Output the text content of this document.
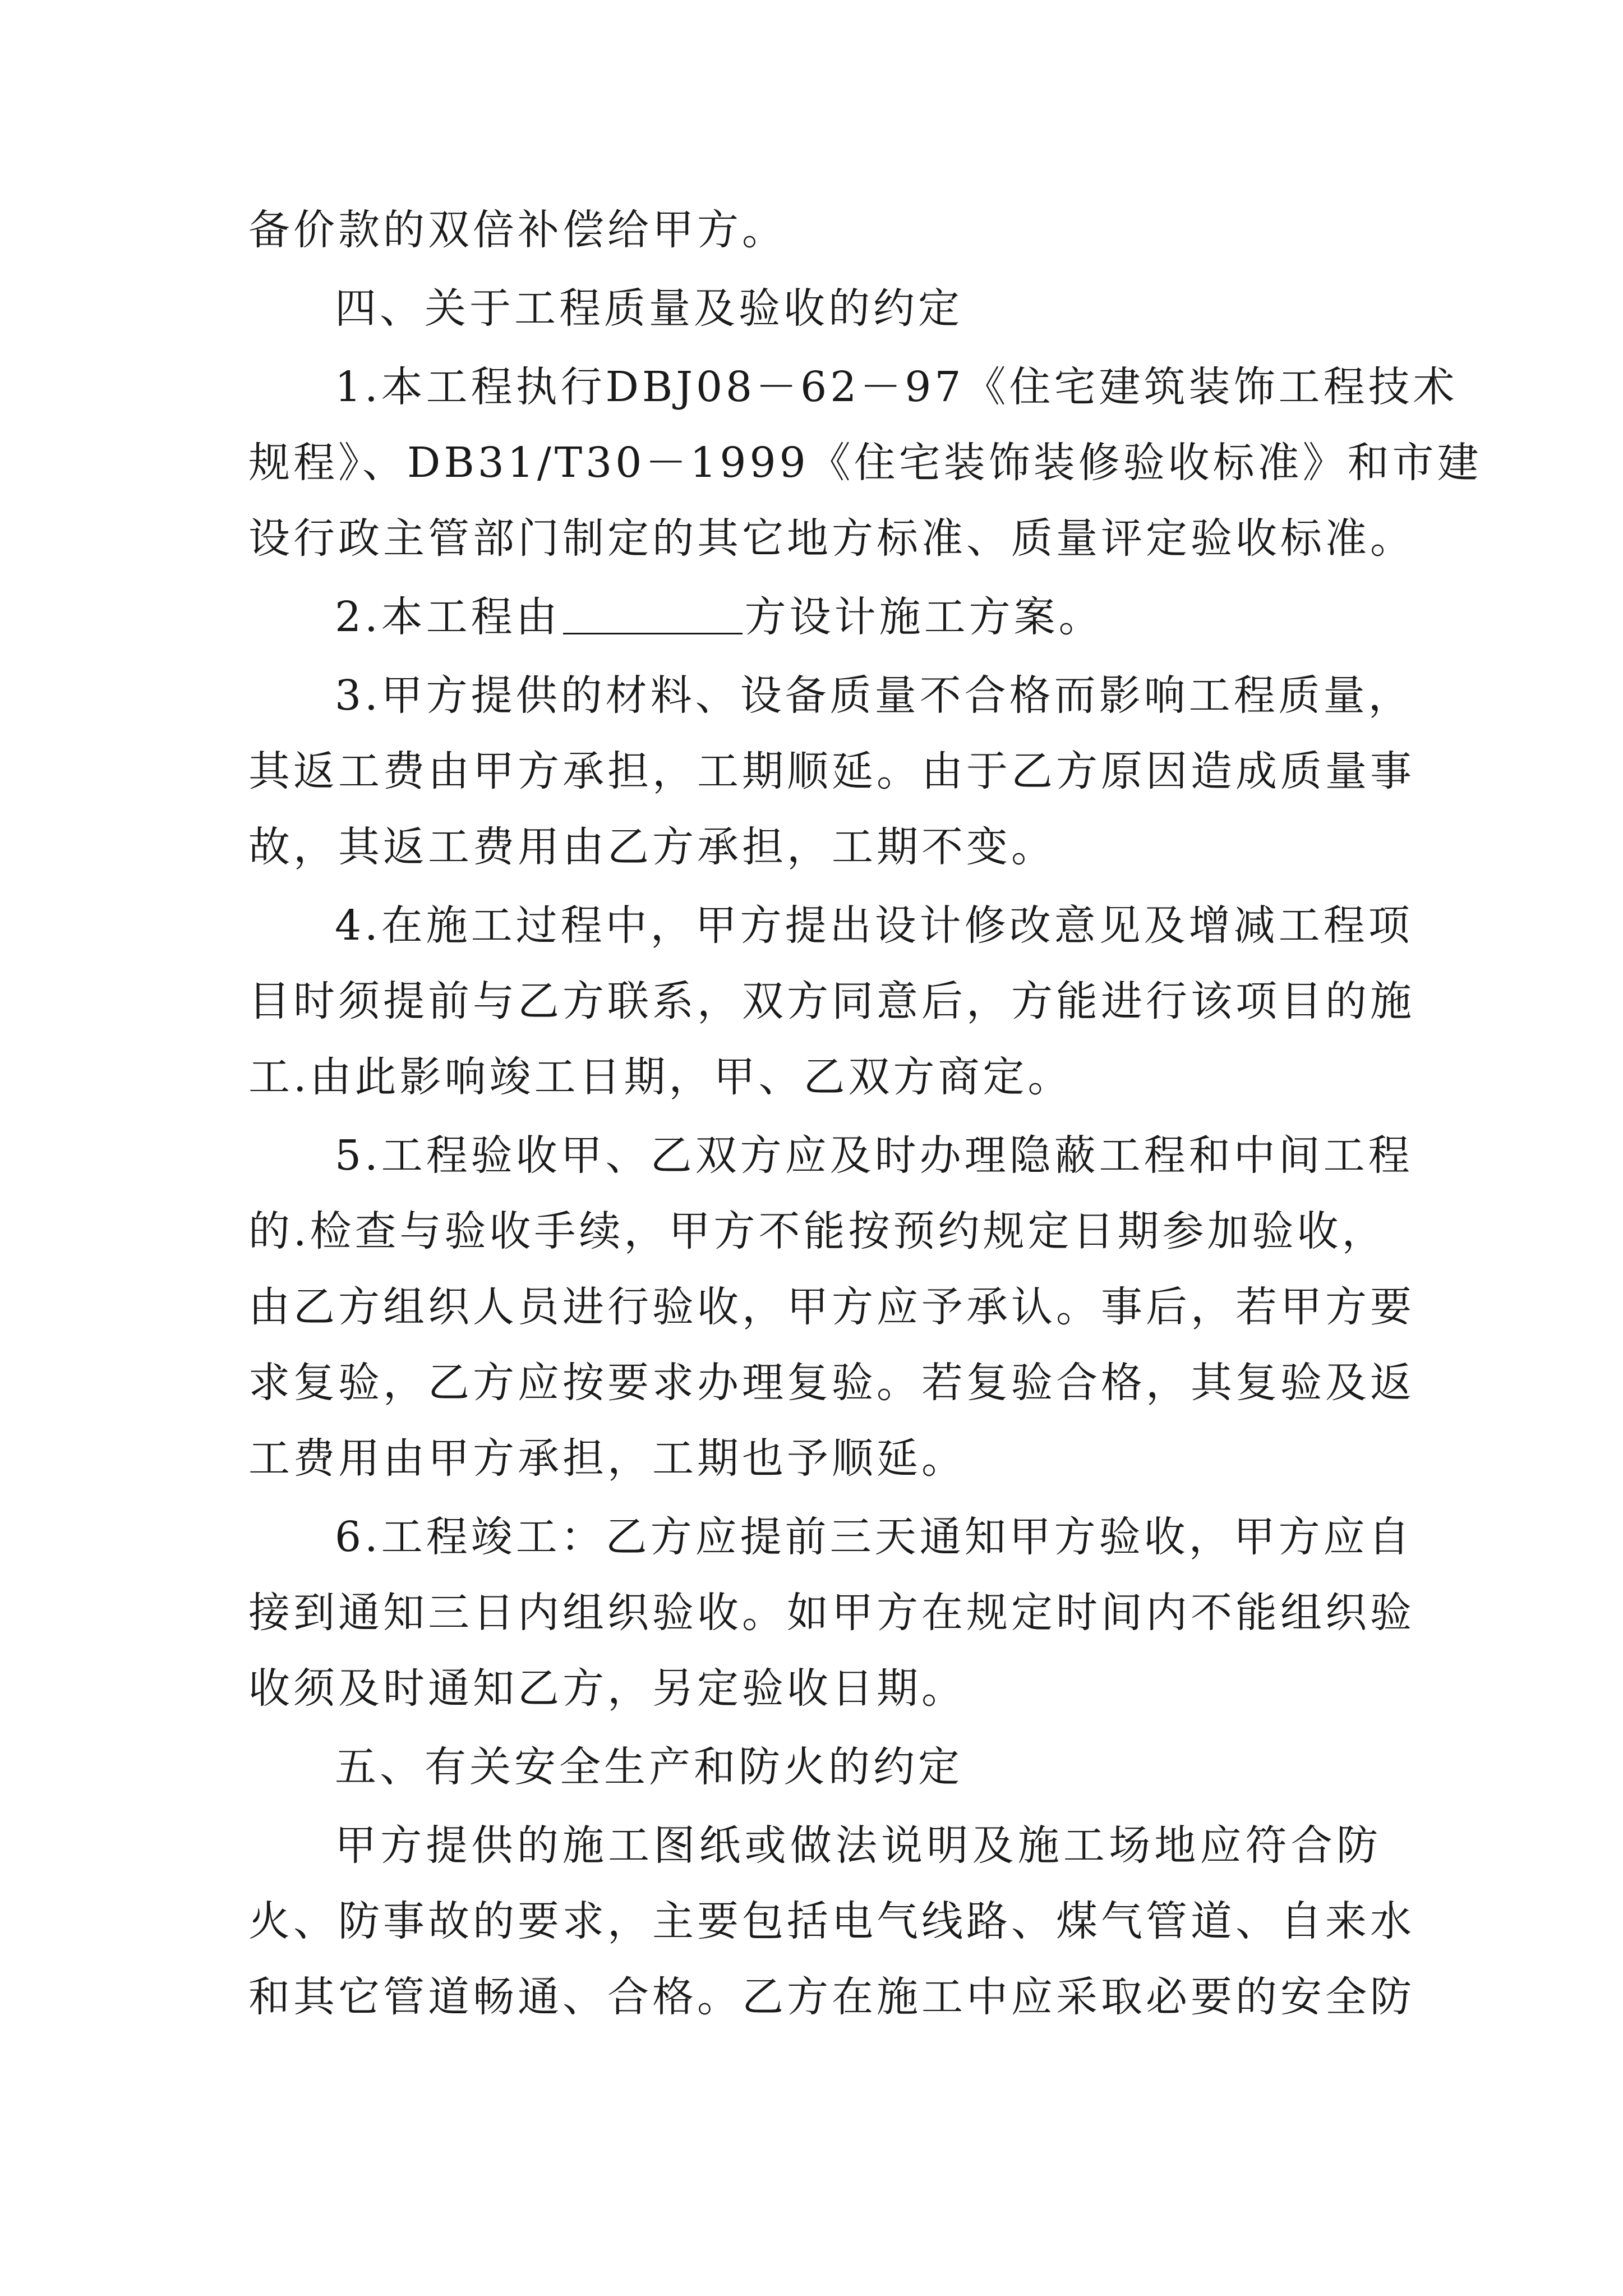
备价款的双倍补偿给甲方。
四、关于工程质量及验收的约定
1.本工程执行DBJ08－62－97《住宅建筑装饰工程技术
规程》、DB31/T30－1999《住宅装饰装修验收标准》和市建
设行政主管部门制定的其它地方标准、质量评定验收标准。
2.本工程由	方设计施工方案。
3.甲方提供的材料、设备质量不合格而影响工程质量，
其返工费由甲方承担，工期顺延。由于乙方原因造成质量事
故，其返工费用由乙方承担，工期不变。
4.在施工过程中，甲方提出设计修改意见及增减工程项
目时须提前与乙方联系，双方同意后，方能进行该项目的施
工.由此影响竣工日期，甲、乙双方商定。
5.工程验收甲、乙双方应及时办理隐蔽工程和中间工程
的.检查与验收手续，甲方不能按预约规定日期参加验收，
由乙方组织人员进行验收，甲方应予承认。事后，若甲方要
求复验，乙方应按要求办理复验。若复验合格，其复验及返
工费用由甲方承担，工期也予顺延。
6.工程竣工：乙方应提前三天通知甲方验收，甲方应自
接到通知三日内组织验收。如甲方在规定时间内不能组织验
收须及时通知乙方，另定验收日期。
五、有关安全生产和防火的约定
甲方提供的施工图纸或做法说明及施工场地应符合防
火、防事故的要求，主要包括电气线路、煤气管道、自来水
和其它管道畅通、合格。乙方在施工中应采取必要的安全防
